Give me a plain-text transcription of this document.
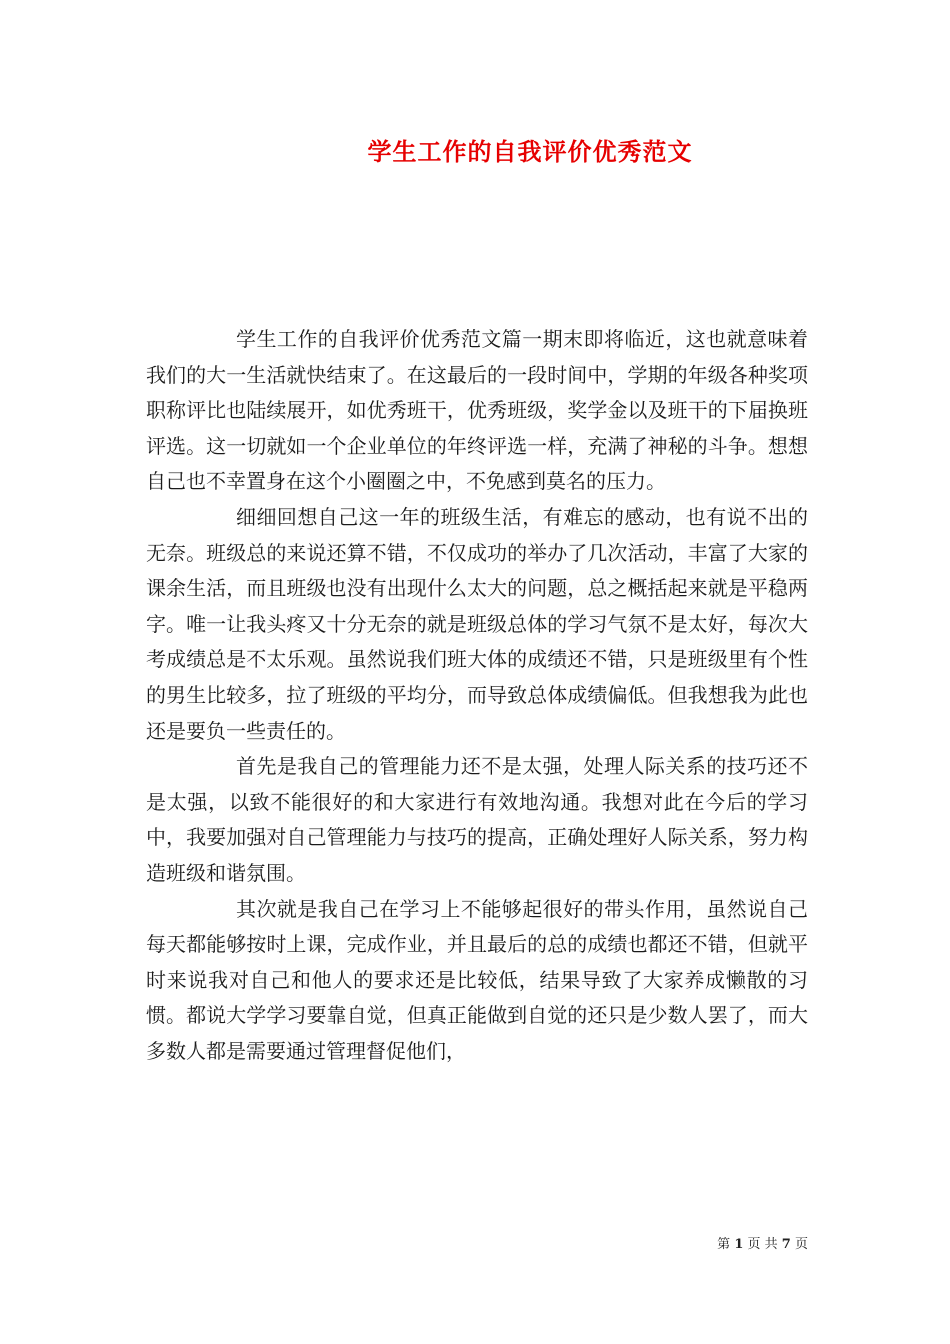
学生工作的自我评价优秀范文

学生工作的自我评价优秀范文篇一期末即将临近，这也就意味着我们的大一生活就快结束了。在这最后的一段时间中，学期的年级各种奖项职称评比也陆续展开，如优秀班干，优秀班级，奖学金以及班干的下届换班评选。这一切就如一个企业单位的年终评选一样，充满了神秘的斗争。想想自己也不幸置身在这个小圈圈之中，不免感到莫名的压力。

细细回想自己这一年的班级生活，有难忘的感动，也有说不出的无奈。班级总的来说还算不错，不仅成功的举办了几次活动，丰富了大家的课余生活，而且班级也没有出现什么太大的问题，总之概括起来就是平稳两字。唯一让我头疼又十分无奈的就是班级总体的学习气氛不是太好，每次大考成绩总是不太乐观。虽然说我们班大体的成绩还不错，只是班级里有个性的男生比较多，拉了班级的平均分，而导致总体成绩偏低。但我想我为此也还是要负一些责任的。

首先是我自己的管理能力还不是太强，处理人际关系的技巧还不是太强，以致不能很好的和大家进行有效地沟通。我想对此在今后的学习中，我要加强对自己管理能力与技巧的提高，正确处理好人际关系，努力构造班级和谐氛围。

其次就是我自己在学习上不能够起很好的带头作用，虽然说自己每天都能够按时上课，完成作业，并且最后的总的成绩也都还不错，但就平时来说我对自己和他人的要求还是比较低，结果导致了大家养成懒散的习惯。都说大学学习要靠自觉，但真正能做到自觉的还只是少数人罢了，而大多数人都是需要通过管理督促他们，

第 1 页 共 7 页
